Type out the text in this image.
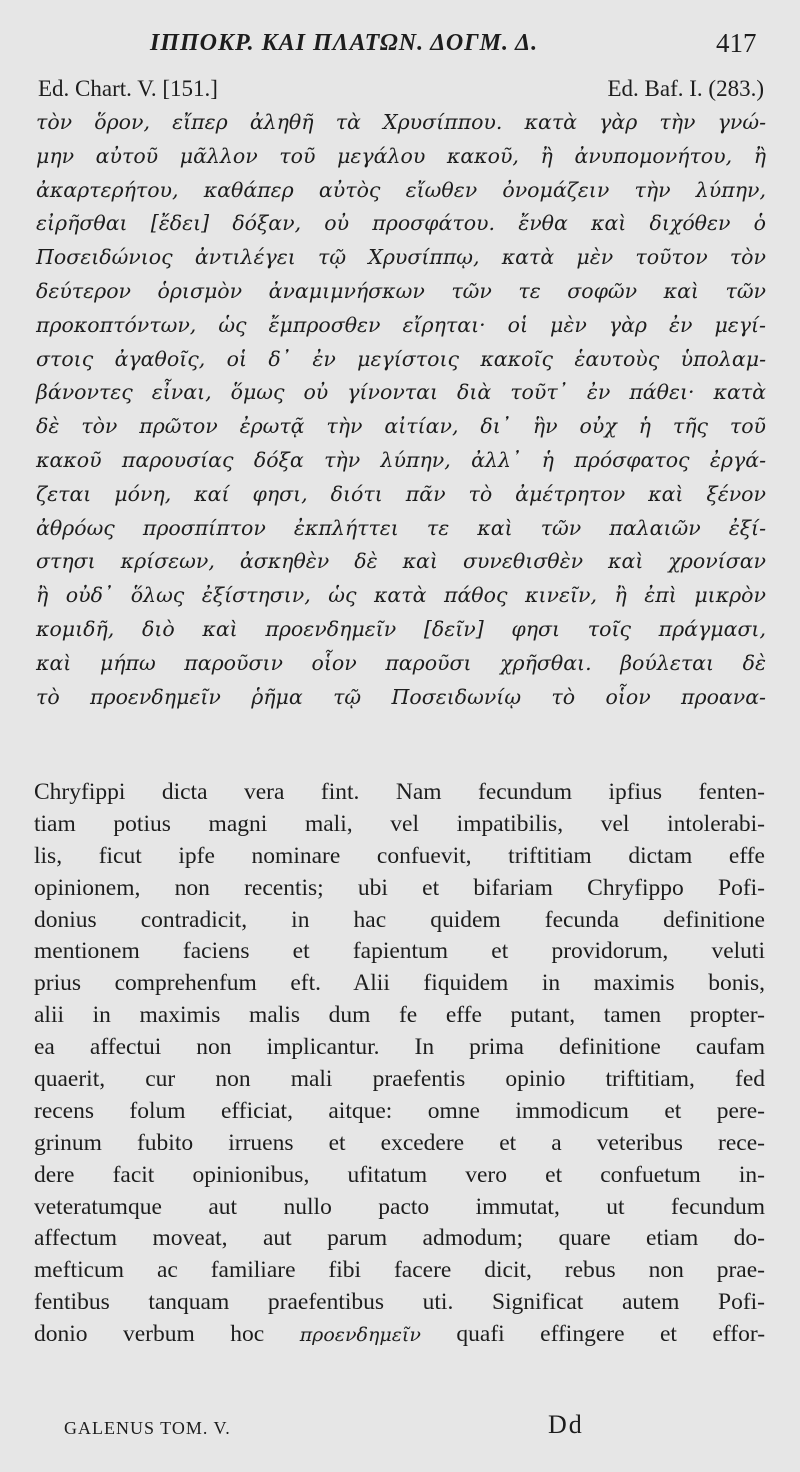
ΙΠΠΟΚΡ. ΚΑΙ ΠΛΑΤΩΝ. ΔΟΓΜ. Δ.	417
Ed. Chart. V. [151.]	Ed. Baf. I. (283.)
τὸν ὅρον, εἴπερ ἀληθῆ τὰ Χρυσίππου. κατὰ γὰρ τὴν γνώ-
μην αὐτοῦ μᾶλλον τοῦ μεγάλου κακοῦ, ἢ ἀνυπομονήτου, ἢ
ἀκαρτερήτου, καθάπερ αὐτὸς εἴωθεν ὀνομάζειν τὴν λύπην,
εἰρῆσθαι [ἔδει] δόξαν, οὐ προσφάτου. ἔνθα καὶ διχόθεν ὁ
Ποσειδώνιος ἀντιλέγει τῷ Χρυσίππῳ, κατὰ μὲν τοῦτον τὸν
δεύτερον ὁρισμὸν ἀναμιμνήσκων τῶν τε σοφῶν καὶ τῶν
προκοπτόντων, ὡς ἔμπροσθεν εἴρηται· οἱ μὲν γὰρ ἐν μεγί-
στοις ἀγαθοῖς, οἱ δ᾽ ἐν μεγίστοις κακοῖς ἑαυτοὺς ὑπολαμ-
βάνοντες εἶναι, ὅμως οὐ γίνονται διὰ τοῦτ᾽ ἐν πάθει· κατὰ
δὲ τὸν πρῶτον ἐρωτᾷ τὴν αἰτίαν, δι᾽ ἣν οὐχ ἡ τῆς τοῦ
κακοῦ παρουσίας δόξα τὴν λύπην, ἀλλ᾽ ἡ πρόσφατος ἐργά-
ζεται μόνη, καί φησι, διότι πᾶν τὸ ἀμέτρητον καὶ ξένον
ἀθρόως προσπίπτον ἐκπλήττει τε καὶ τῶν παλαιῶν ἐξί-
στησι κρίσεων, ἀσκηθὲν δὲ καὶ συνεθισθὲν καὶ χρονίσαν
ἢ οὐδ᾽ ὅλως ἐξίστησιν, ὡς κατὰ πάθος κινεῖν, ἢ ἐπὶ μικρὸν
κομιδῆ, διὸ καὶ προενδημεῖν [δεῖν] φησι τοῖς πράγμασι,
καὶ μήπω παροῦσιν οἷον παροῦσι χρῆσθαι. βούλεται δὲ
τὸ προενδημεῖν ῥῆμα τῷ Ποσειδωνίῳ τὸ οἷον προανα-
Chryfippi dicta vera fint. Nam fecundum ipfius fenten-
tiam potius magni mali, vel impatibilis, vel intolerabi-
lis, ficut ipfe nominare confuevit, triftitiam dictam effe
opinionem, non recentis; ubi et bifariam Chryfippo Pofi-
donius contradicit, in hac quidem fecunda definitione
mentionem faciens et fapientum et providorum, veluti
prius comprehenfum eft. Alii fiquidem in maximis bonis,
alii in maximis malis dum fe effe putant, tamen propter-
ea affectui non implicantur. In prima definitione caufam
quaerit, cur non mali praefentis opinio triftitiam, fed
recens folum efficiat, aitque: omne immodicum et pere-
grinum fubito irruens et excedere et a veteribus rece-
dere facit opinionibus, ufitatum vero et confuetum in-
veteratumque aut nullo pacto immutat, ut fecundum
affectum moveat, aut parum admodum; quare etiam do-
mefticum ac familiare fibi facere dicit, rebus non prae-
fentibus tanquam praefentibus uti. Significat autem Pofi-
donio verbum hoc προενδημεῖν quafi effingere et effor-
GALENUS TOM. V.	Dd
